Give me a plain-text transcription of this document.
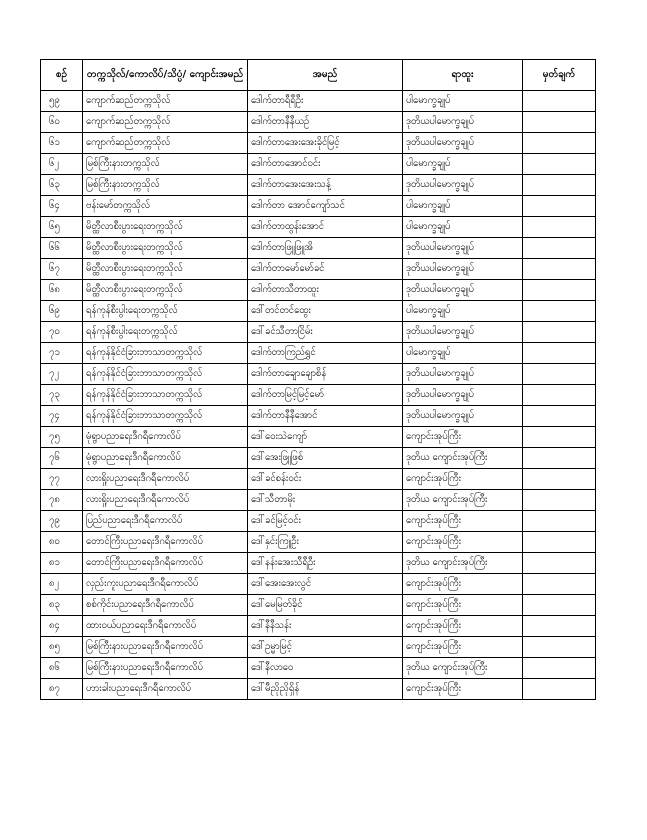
စဉ်	တက္ကသိုလ်/ကောလိပ်/သိပ္ပံ/ ကျောင်းအမည်	အမည်	ရာထူး	မှတ်ချက်
၅၉	ကျောက်ဆည်တက္ကသိုလ်	ဒေါက်တာရီရီဦး	ပါမောက္ခချုပ်	
၆၀	ကျောက်ဆည်တက္ကသိုလ်	ဒေါက်တာနီနီယဉ်	ဒုတိယပါမောက္ခချုပ်	
၆၁	ကျောက်ဆည်တက္ကသိုလ်	ဒေါက်တာအေးအေးခိုင်မြင့်	ဒုတိယပါမောက္ခချုပ်	
၆၂	မြစ်ကြီးနားတက္ကသိုလ်	ဒေါက်တာအောင်ဝင်း	ပါမောက္ခချုပ်	
၆၃	မြစ်ကြီးနားတက္ကသိုလ်	ဒေါက်တာအေးအေးသန့်	ဒုတိယပါမောက္ခချုပ်	
၆၄	ဗန်းမော်တက္ကသိုလ်	ဒေါက်တာ အောင်ကျော်သင်	ပါမောက္ခချုပ်	
၆၅	မိတ္ထီလာစီးပွားရေးတက္ကသိုလ်	ဒေါက်တာထွန်းအောင်	ပါမောက္ခချုပ်	
၆၆	မိတ္ထီလာစီးပွားရေးတက္ကသိုလ်	ဒေါက်တာဖြူဖြူအိ	ဒုတိယပါမောက္ခချုပ်	
၆၇	မိတ္ထီလာစီးပွားရေးတက္ကသိုလ်	ဒေါက်တာမော်မော်ခင်	ဒုတိယပါမောက္ခချုပ်	
၆၈	မိတ္ထီလာစီးပွားရေးတက္ကသိုလ်	ဒေါက်တာသီတာထူး	ဒုတိယပါမောက္ခချုပ်	
၆၉	ရန်ကုန်စီးပွါးရေးတက္ကသိုလ်	ဒေါ်တင်တင်ထွေး	ပါမောက္ခချုပ်	
၇၀	ရန်ကုန်စီးပွါးရေးတက္ကသိုလ်	ဒေါ်ခင်သီတာငြိမ်း	ဒုတိယပါမောက္ခချုပ်	
၇၁	ရန်ကုန်နိုင်ငံခြားဘာသာတက္ကသိုလ်	ဒေါက်တာကြည်ရွှင်	ပါမောက္ခချုပ်	
၇၂	ရန်ကုန်နိုင်ငံခြားဘာသာတက္ကသိုလ်	ဒေါက်တာချောချောစိန်	ဒုတိယပါမောက္ခချုပ်	
၇၃	ရန်ကုန်နိုင်ငံခြားဘာသာတက္ကသိုလ်	ဒေါက်တာမြင့်မြင့်မော်	ဒုတိယပါမောက္ခချုပ်	
၇၄	ရန်ကုန်နိုင်ငံခြားဘာသာတက္ကသိုလ်	ဒေါက်တာနီနီအောင်	ဒုတိယပါမောက္ခချုပ်	
၇၅	မုံရွာပညာရေးဒီဂရီကောလိပ်	ဒေါ်ဝေးသဲကျော်	ကျောင်းအုပ်ကြီး	
၇၆	မုံရွာပညာရေးဒီဂရီကောလိပ်	ဒေါ်အေးဖြူဖြစ်	ဒုတိယ ကျောင်းအုပ်ကြီး	
၇၇	လားရှိုးပညာရေးဒီဂရီကောလိပ်	ဒေါ်ခင်စန်းဝင်း	ကျောင်းအုပ်ကြီး	
၇၈	လားရှိုးပညာရေးဒီဂရီကောလိပ်	ဒေါ်သီတာမိုး	ဒုတိယ ကျောင်းအုပ်ကြီး	
၇၉	ပြည်ပညာရေးဒီဂရီကောလိပ်	ဒေါ်ခင်မြင့်ဝင်း	ကျောင်းအုပ်ကြီး	
၈၀	တောင်ကြီးပညာရေးဒီဂရီကောလိပ်	ဒေါ်နှင်းကြူဦး	ကျောင်းအုပ်ကြီး	
၈၁	တောင်ကြီးပညာရေးဒီဂရီကောလိပ်	ဒေါ်နန်းအေးသီရီဦး	ဒုတိယ ကျောင်းအုပ်ကြီး	
၈၂	လှည်းကူးပညာရေးဒီဂရီကောလိပ်	ဒေါ်အေးအေးလွင်	ကျောင်းအုပ်ကြီး	
၈၃	စစ်ကိုင်းပညာရေးဒီဂရီကောလိပ်	ဒေါ်မေမြတ်ခိုင်	ကျောင်းအုပ်ကြီး	
၈၄	ထားဝယ်ပညာရေးဒီဂရီကောလိပ်	ဒေါ်နီနီသန်း	ကျောင်းအုပ်ကြီး	
၈၅	မြစ်ကြီးနားပညာရေးဒီဂရီကောလိပ်	ဒေါ်ဥမ္မာမြင့်	ကျောင်းအုပ်ကြီး	
၈၆	မြစ်ကြီးနားပညာရေးဒီဂရီကောလိပ်	ဒေါ်နီလာဝေ	ဒုတိယ ကျောင်းအုပ်ကြီး	
၈၇	ဟားခါးပညာရေးဒီဂရီကောလိပ်	ဒေါ်မီညိုညိုရှိန်	ကျောင်းအုပ်ကြီး	
